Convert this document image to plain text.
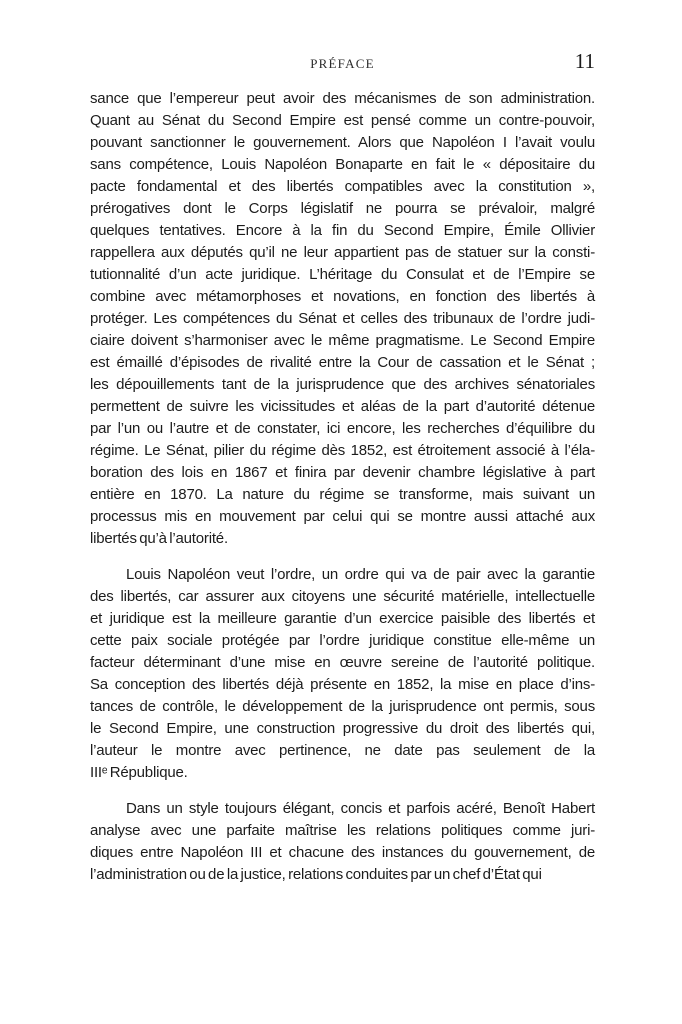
PRÉFACE	11
sance que l’empereur peut avoir des mécanismes de son administration.
Quant au Sénat du Second Empire est pensé comme un contre-pouvoir,
pouvant sanctionner le gouvernement. Alors que Napoléon I l’avait voulu
sans compétence, Louis Napoléon Bonaparte en fait le « dépositaire du
pacte fondamental et des libertés compatibles avec la constitution »,
prérogatives dont le Corps législatif ne pourra se prévaloir, malgré
quelques tentatives. Encore à la fin du Second Empire, Émile Ollivier
rappellera aux députés qu’il ne leur appartient pas de statuer sur la consti-
tutionnalité d’un acte juridique. L’héritage du Consulat et de l’Empire se
combine avec métamorphoses et novations, en fonction des libertés à
protéger. Les compétences du Sénat et celles des tribunaux de l’ordre judi-
ciaire doivent s’harmoniser avec le même pragmatisme. Le Second Empire
est émaillé d’épisodes de rivalité entre la Cour de cassation et le Sénat ;
les dépouillements tant de la jurisprudence que des archives sénatoriales
permettent de suivre les vicissitudes et aléas de la part d’autorité détenue
par l’un ou l’autre et de constater, ici encore, les recherches d’équilibre du
régime. Le Sénat, pilier du régime dès 1852, est étroitement associé à l’éla-
boration des lois en 1867 et finira par devenir chambre législative à part
entière en 1870. La nature du régime se transforme, mais suivant un
processus mis en mouvement par celui qui se montre aussi attaché aux
libertés qu’à l’autorité.
Louis Napoléon veut l’ordre, un ordre qui va de pair avec la garantie
des libertés, car assurer aux citoyens une sécurité matérielle, intellectuelle
et juridique est la meilleure garantie d’un exercice paisible des libertés et
cette paix sociale protégée par l’ordre juridique constitue elle-même un
facteur déterminant d’une mise en œuvre sereine de l’autorité politique.
Sa conception des libertés déjà présente en 1852, la mise en place d’ins-
tances de contrôle, le développement de la jurisprudence ont permis, sous
le Second Empire, une construction progressive du droit des libertés qui,
l’auteur le montre avec pertinence, ne date pas seulement de la
IIIᵉ République.
Dans un style toujours élégant, concis et parfois acéré, Benoît Habert
analyse avec une parfaite maîtrise les relations politiques comme juri-
diques entre Napoléon III et chacune des instances du gouvernement, de
l’administration ou de la justice, relations conduites par un chef d’État qui
